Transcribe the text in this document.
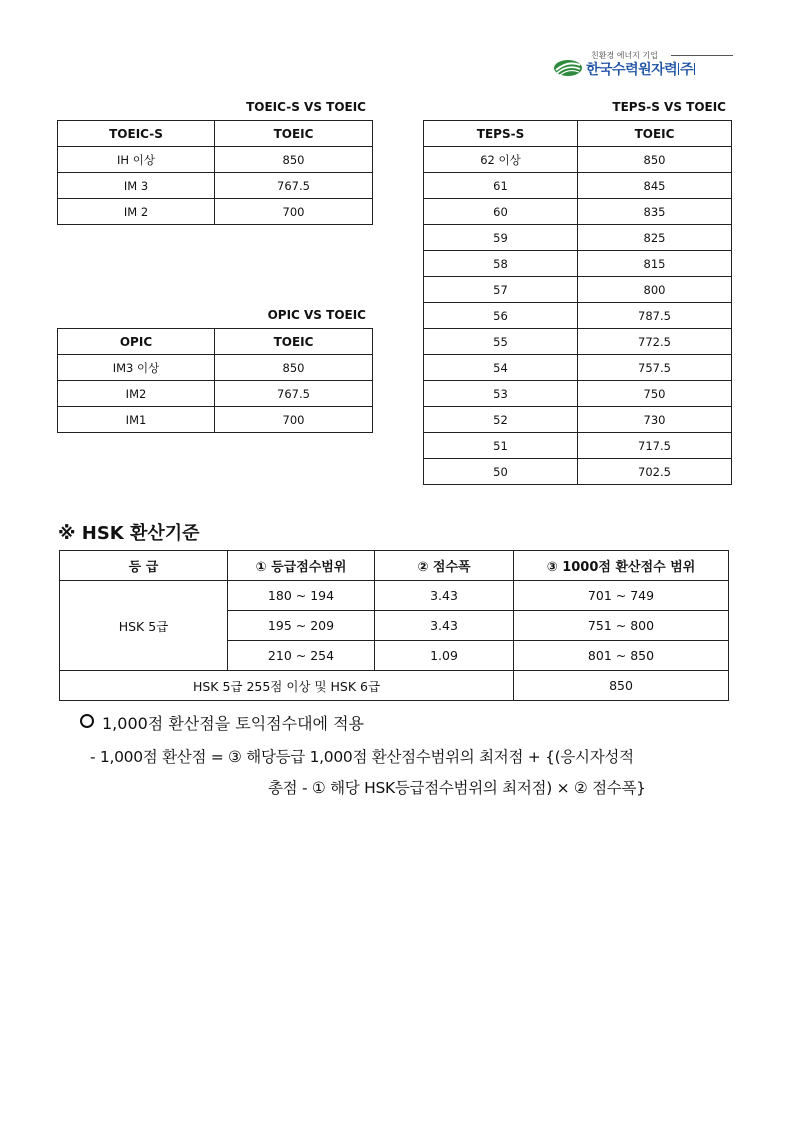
친환경 에너지 기업
한국수력원자력 주
TOEIC-S VS TOEIC
TOEIC-S	TOEIC
IH 이상	850
IM 3	767.5
IM 2	700
OPIC VS TOEIC
OPIC	TOEIC
IM3 이상	850
IM2	767.5
IM1	700
TEPS-S VS TOEIC
TEPS-S	TOEIC
62 이상	850
61	845
60	835
59	825
58	815
57	800
56	787.5
55	772.5
54	757.5
53	750
52	730
51	717.5
50	702.5
※ HSK 환산기준
등 급	① 등급점수범위	② 점수폭	③ 1000점 환산점수 범위
HSK 5급	180 ~ 194	3.43	701 ~ 749
	195 ~ 209	3.43	751 ~ 800
	210 ~ 254	1.09	801 ~ 850
HSK 5급 255점 이상 및 HSK 6급			850
1,000점 환산점을 토익점수대에 적용
- 1,000점 환산점 = ③ 해당등급 1,000점 환산점수범위의 최저점 + {(응시자성적
총점 - ① 해당 HSK등급점수범위의 최저점) × ② 점수폭}
